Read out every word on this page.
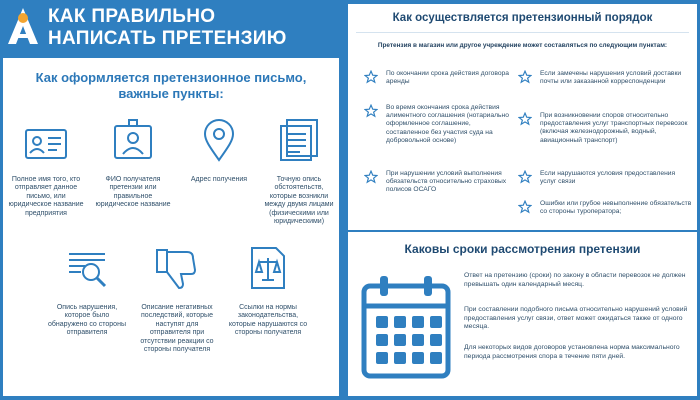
КАК ПРАВИЛЬНО
НАПИСАТЬ ПРЕТЕНЗИЮ
Как оформляется претензионное письмо,
важные пункты:
Полное имя того, кто отправляет данное письмо, или юридическое название предприятия
ФИО получателя претензии или правильное юридическое название
Адрес получения	Точную опись обстоятельств, которые возникли между двумя лицами (физическими или юридическими)
Опись нарушения, которое было обнаружено со стороны отправителя
Описание негативных последствий, которые наступят для отправителя при отсутствии реакции со стороны получателя
Ссылки на нормы законодательства, которые нарушаются со стороны получателя
Как осуществляется претензионный порядок
Претензия в магазин или другое учреждение может составляться по следующим пунктам:
По окончании срока действия договора аренды
Во время окончания срока действия алиментного соглашения (нотариально оформленное соглашение, составленное без участия суда на добровольной основе)
При нарушении условий выполнения обязательств относительно страховых полисов ОСАГО
Если замечены нарушения условий доставки почты или заказанной корреспонденции
При возникновении споров относительно предоставления услуг транспортных перевозок (включая железнодорожный, водный, авиационный транспорт)
Если нарушаются условия предоставления услуг связи
Ошибки или грубое невыполнение обязательств со стороны туроператора;
Каковы сроки рассмотрения претензии
Ответ на претензию (сроки) по закону в области перевозок не должен превышать один календарный месяц.
При составлении подобного письма относительно нарушений условий предоставления услуг связи, ответ может ожидаться также от одного месяца.
Для некоторых видов договоров установлена норма максимального периода рассмотрения спора в течение пяти дней.
